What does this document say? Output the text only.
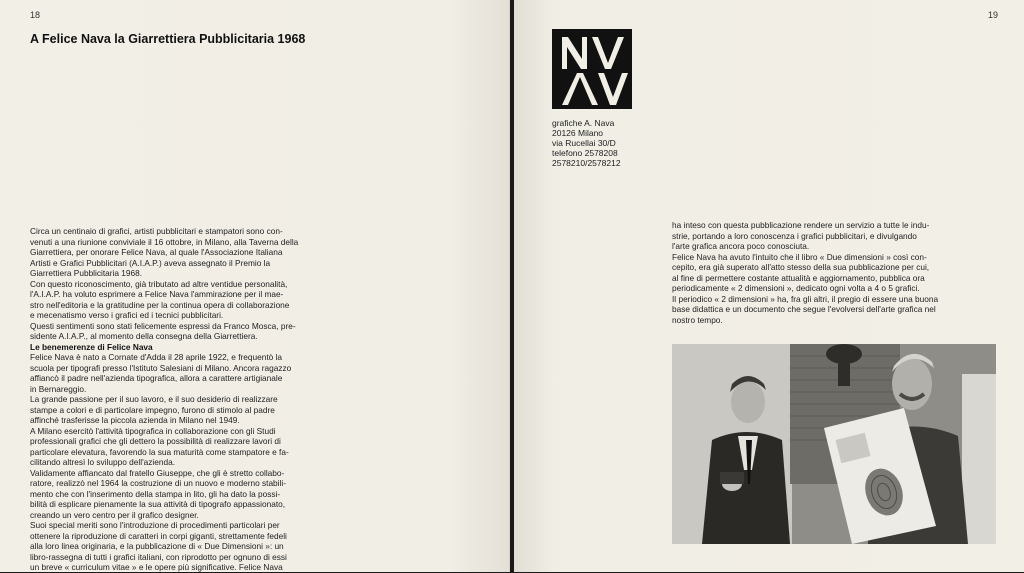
18
A Felice Nava la Giarrettiera Pubblicitaria 1968

Circa un centinaio di grafici, artisti pubblicitari e stampatori sono con-
venuti a una riunione conviviale il 16 ottobre, in Milano, alla Taverna della
Giarrettiera, per onorare Felice Nava, al quale l'Associazione Italiana
Artisti e Grafici Pubblicitari (A.I.A.P.) aveva assegnato il Premio la
Giarrettiera Pubblicitaria 1968.

Con questo riconoscimento, già tributato ad altre ventidue personalità,
l'A.I.A.P. ha voluto esprimere a Felice Nava l'ammirazione per il mae-
stro nell'editoria e la gratitudine per la continua opera di collaborazione
e mecenatismo verso i grafici ed i tecnici pubblicitari.

Questi sentimenti sono stati felicemente espressi da Franco Mosca, pre-
sidente A.I.A.P., al momento della consegna della Giarrettiera.

Le benemerenze di Felice Nava

Felice Nava è nato a Cornate d'Adda il 28 aprile 1922, e frequentò la
scuola per tipografi presso l'Istituto Salesiani di Milano. Ancora ragazzo
affiancò il padre nell'azienda tipografica, allora a carattere artigianale
in Bernareggio.

La grande passione per il suo lavoro, e il suo desiderio di realizzare
stampe a colori e di particolare impegno, furono di stimolo al padre
affinché trasferisse la piccola azienda in Milano nel 1949.

A Milano esercitò l'attività tipografica in collaborazione con gli Studi
professionali grafici che gli dettero la possibilità di realizzare lavori di
particolare elevatura, favorendo la sua maturità come stampatore e fa-
cilitando altresì lo sviluppo dell'azienda.

Validamente affiancato dal fratello Giuseppe, che gli è stretto collabo-
ratore, realizzò nel 1964 la costruzione di un nuovo e moderno stabili-
mento che con l'inserimento della stampa in lito, gli ha dato la possi-
bilità di esplicare pienamente la sua attività di tipografo appassionato,
creando un vero centro per il grafico designer.

Suoi special meriti sono l'introduzione di procedimenti particolari per
ottenere la riproduzione di caratteri in corpi giganti, strettamente fedeli
alla loro linea originaria, e la pubblicazione di « Due Dimensioni »: un
libro-rassegna di tutti i grafici italiani, con riprodotto per ognuno di essi
un breve « curriculum vitae » e le opere più significative. Felice Nava

19
grafiche A. Nava
20126 Milano
via Rucellai 30/D
telefono 2578208
2578210/2578212

ha inteso con questa pubblicazione rendere un servizio a tutte le indu-
strie, portando a loro conoscenza i grafici pubblicitari, e divulgando
l'arte grafica ancora poco conosciuta.

Felice Nava ha avuto l'intuito che il libro « Due dimensioni » così con-
cepito, era già superato all'atto stesso della sua pubblicazione per cui,
al fine di permettere costante attualità e aggiornamento, pubblica ora
periodicamente « 2 dimensioni », dedicato ogni volta a 4 o 5 grafici.

Il periodico « 2 dimensioni » ha, fra gli altri, il pregio di essere una buona
base didattica e un documento che segue l'evolversi dell'arte grafica nel
nostro tempo.
